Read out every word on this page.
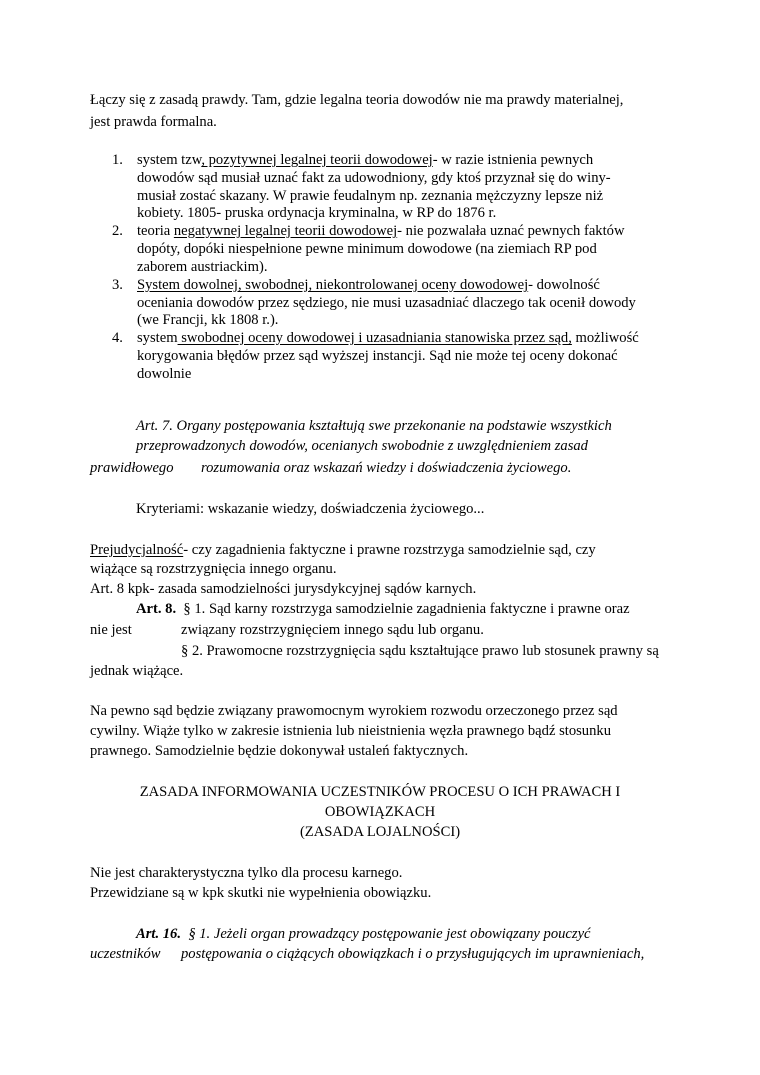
Łączy się z zasadą prawdy. Tam, gdzie legalna teoria dowodów nie ma prawdy materialnej,
jest prawda formalna.
1. system tzw, pozytywnej legalnej teorii dowodowej- w razie istnienia pewnych
dowodów sąd musiał uznać fakt za udowodniony, gdy ktoś przyznał się do winy-
musiał zostać skazany. W prawie feudalnym np. zeznania mężczyzny lepsze niż
kobiety. 1805- pruska ordynacja kryminalna, w RP do 1876 r.
2. teoria negatywnej legalnej teorii dowodowej- nie pozwalała uznać pewnych faktów
dopóty, dopóki niespełnione pewne minimum dowodowe (na ziemiach RP pod
zaborem austriackim).
3. System dowolnej, swobodnej, niekontrolowanej oceny dowodowej- dowolność
oceniania dowodów przez sędziego, nie musi uzasadniać dlaczego tak ocenił dowody
(we Francji, kk 1808 r.).
4. system swobodnej oceny dowodowej i uzasadniania stanowiska przez sąd, możliwość
korygowania błędów przez sąd wyższej instancji. Sąd nie może tej oceny dokonać
dowolnie
Art. 7. Organy postępowania kształtują swe przekonanie na podstawie wszystkich
przeprowadzonych dowodów, ocenianych swobodnie z uwzględnieniem zasad
prawidłowego rozumowania oraz wskazań wiedzy i doświadczenia życiowego.
Kryteriami: wskazanie wiedzy, doświadczenia życiowego...
Prejudycjalność- czy zagadnienia faktyczne i prawne rozstrzyga samodzielnie sąd, czy
wiążące są rozstrzygnięcia innego organu.
Art. 8 kpk- zasada samodzielności jurysdykcyjnej sądów karnych.
Art. 8. § 1. Sąd karny rozstrzyga samodzielnie zagadnienia faktyczne i prawne oraz
nie jest	związany rozstrzygnięciem innego sądu lub organu.
§ 2. Prawomocne rozstrzygnięcia sądu kształtujące prawo lub stosunek prawny są
jednak wiążące.
Na pewno sąd będzie związany prawomocnym wyrokiem rozwodu orzeczonego przez sąd
cywilny. Wiąże tylko w zakresie istnienia lub nieistnienia węzła prawnego bądź stosunku
prawnego. Samodzielnie będzie dokonywał ustaleń faktycznych.
ZASADA INFORMOWANIA UCZESTNIKÓW PROCESU O ICH PRAWACH I
OBOWIĄZKACH
(ZASADA LOJALNOŚCI)
Nie jest charakterystyczna tylko dla procesu karnego.
Przewidziane są w kpk skutki nie wypełnienia obowiązku.
Art. 16. § 1. Jeżeli organ prowadzący postępowanie jest obowiązany pouczyć
uczestników postępowania o ciążących obowiązkach i o przysługujących im uprawnieniach,
